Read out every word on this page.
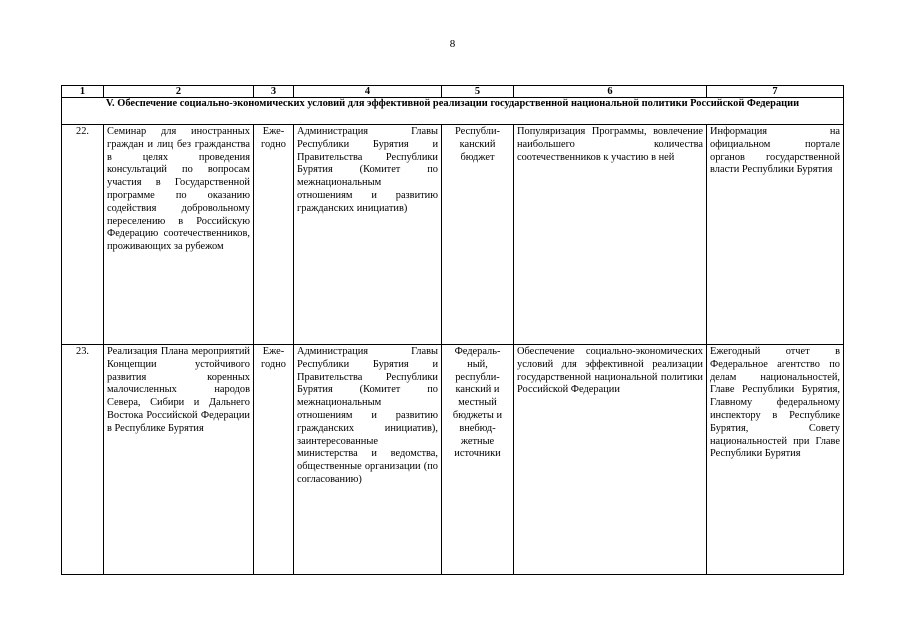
8
1	2	3	4	5	6	7
V. Обеспечение социально-экономических условий для эффективной реализации государственной национальной политики Российской Федерации						
22.	Семинар для иностранных граждан и лиц без гражданства в целях проведения консультаций по вопросам участия в Государственной программе по оказанию содействия добровольному переселению в Российскую Федерацию соотечественников, проживающих за рубежом	Еже-годно	Администрация Главы Республики Бурятия и Правительства Республики Бурятия (Комитет по межнациональным отношениям и развитию гражданских инициатив)	Республи-канский бюджет	Популяризация Программы, вовлечение наибольшего количества соотечественников к участию в ней	Информация на официальном портале органов государственной власти Республики Бурятия
23.	Реализация Плана мероприятий Концепции устойчивого развития коренных малочисленных народов Севера, Сибири и Дальнего Востока Российской Федерации в Республике Бурятия	Еже-годно	Администрация Главы Республики Бурятия и Правительства Республики Бурятия (Комитет по межнациональным отношениям и развитию гражданских инициатив), заинтересованные министерства и ведомства, общественные организации (по согласованию)	Федераль-ный, республи-канский и местный бюджеты и внебюд-жетные источники	Обеспечение социально-экономических условий для эффективной реализации государственной национальной политики Российской Федерации	Ежегодный отчет в Федеральное агентство по делам национальностей, Главе Республики Бурятия, Главному федеральному инспектору в Республике Бурятия, Совету национальностей при Главе Республики Бурятия
